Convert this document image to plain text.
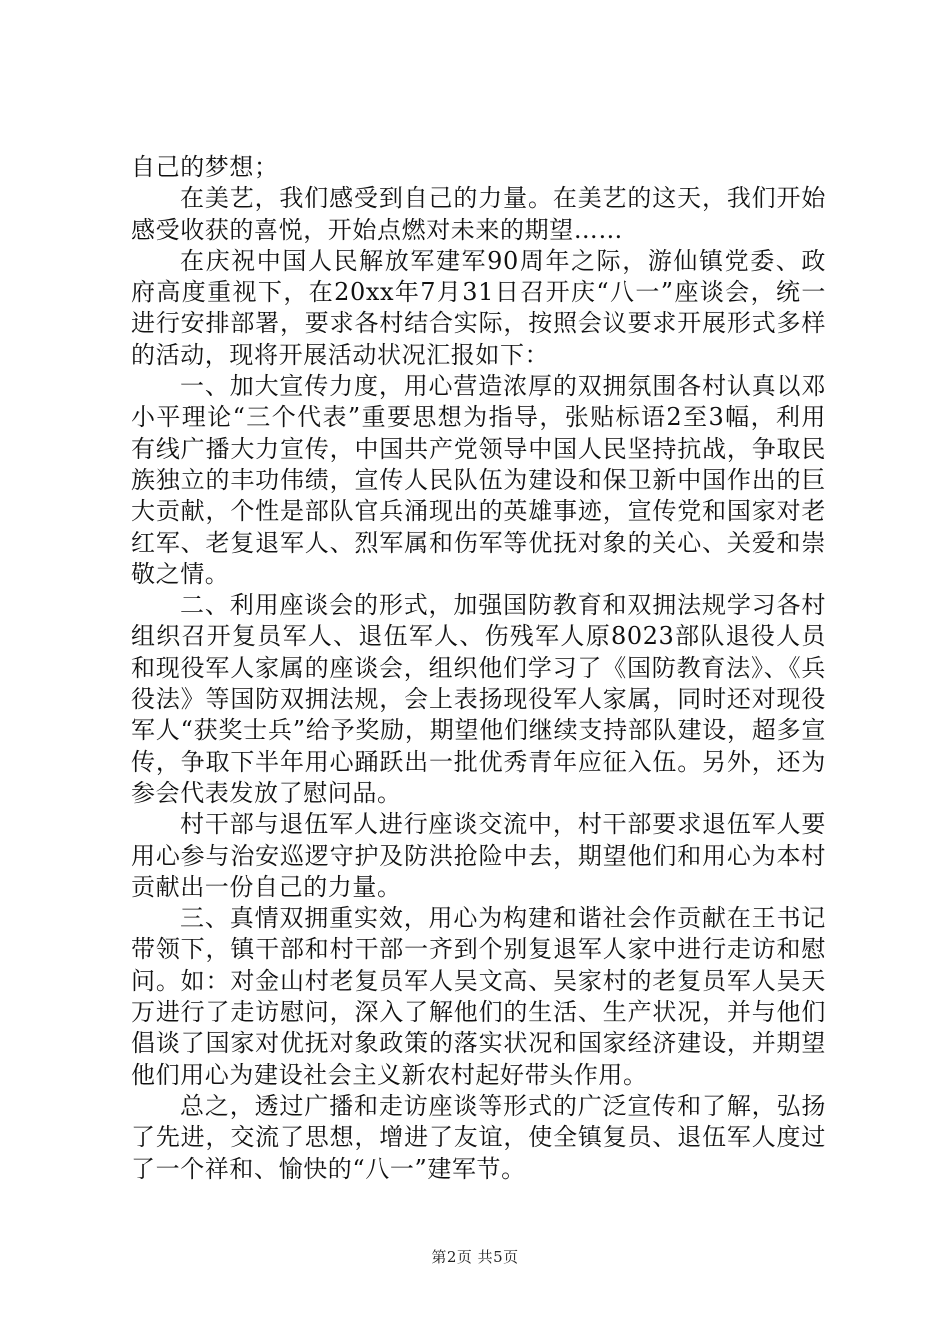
自己的梦想；

在美艺，我们感受到自己的力量。在美艺的这天，我们开始感受收获的喜悦，开始点燃对未来的期望……

在庆祝中国人民解放军建军90周年之际，游仙镇党委、政府高度重视下，在20xx年7月31日召开庆“八一”座谈会，统一进行安排部署，要求各村结合实际，按照会议要求开展形式多样的活动，现将开展活动状况汇报如下：

一、加大宣传力度，用心营造浓厚的双拥氛围各村认真以邓小平理论“三个代表”重要思想为指导，张贴标语2至3幅，利用有线广播大力宣传，中国共产党领导中国人民坚持抗战，争取民族独立的丰功伟绩，宣传人民队伍为建设和保卫新中国作出的巨大贡献，个性是部队官兵涌现出的英雄事迹，宣传党和国家对老红军、老复退军人、烈军属和伤军等优抚对象的关心、关爱和崇敬之情。

二、利用座谈会的形式，加强国防教育和双拥法规学习各村组织召开复员军人、退伍军人、伤残军人原8023部队退役人员和现役军人家属的座谈会，组织他们学习了《国防教育法》、《兵役法》等国防双拥法规，会上表扬现役军人家属，同时还对现役军人“获奖士兵”给予奖励，期望他们继续支持部队建设，超多宣传，争取下半年用心踊跃出一批优秀青年应征入伍。另外，还为参会代表发放了慰问品。

村干部与退伍军人进行座谈交流中，村干部要求退伍军人要用心参与治安巡逻守护及防洪抢险中去，期望他们和用心为本村贡献出一份自己的力量。

三、真情双拥重实效，用心为构建和谐社会作贡献在王书记带领下，镇干部和村干部一齐到个别复退军人家中进行走访和慰问。如：对金山村老复员军人吴文高、吴家村的老复员军人吴天万进行了走访慰问，深入了解他们的生活、生产状况，并与他们倡谈了国家对优抚对象政策的落实状况和国家经济建设，并期望他们用心为建设社会主义新农村起好带头作用。

总之，透过广播和走访座谈等形式的广泛宣传和了解，弘扬了先进，交流了思想，增进了友谊，使全镇复员、退伍军人度过了一个祥和、愉快的“八一”建军节。

第2页 共5页
